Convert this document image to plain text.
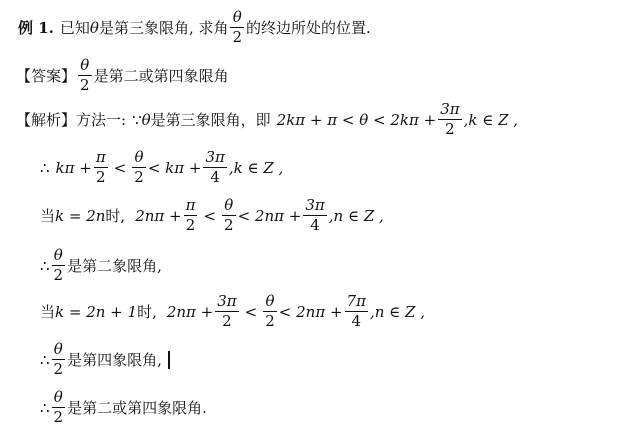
例 1. 已知 θ 是第三象限角, 求角 $\frac{\theta}{2}$ 的终边所处的位置.
【答案】 $\frac{\theta}{2}$ 是第二或第四象限角
【解析】 方法一: ∵ θ 是第三象限角，即 $2k\pi + \pi < \theta < 2k\pi + \frac{3\pi}{2} ,k$ ∈ Z ,
∴ $k\pi + \frac{\pi}{2} < \frac{\theta}{2} < k\pi + \frac{3\pi}{4} ,k$ ∈ Z ,
当 k = 2n 时, $2n\pi + \frac{\pi}{2} < \frac{\theta}{2} < 2n\pi + \frac{3\pi}{4} ,n$ ∈ Z ,
∴ $\frac{\theta}{2}$ 是第二象限角,
当 k = 2n + 1 时, $2n\pi + \frac{3\pi}{2} < \frac{\theta}{2} < 2n\pi + \frac{7\pi}{4} ,n$ ∈ Z ,
∴ $\frac{\theta}{2}$ 是第四象限角,
∴ $\frac{\theta}{2}$ 是第二或第四象限角.
